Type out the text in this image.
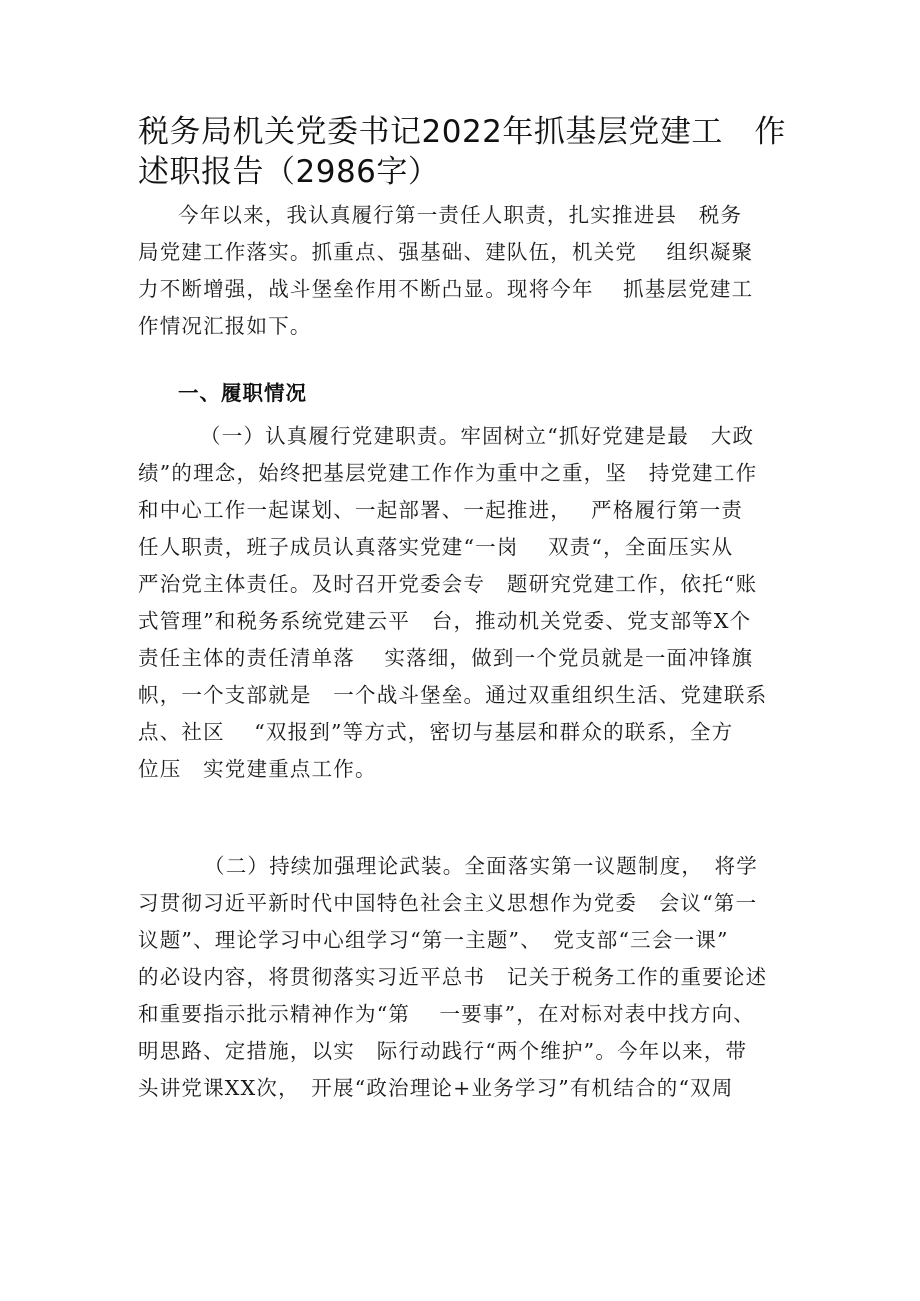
税务局机关党委书记2022年抓基层党建工　作
述职报告（2986字）
今年以来，我认真履行第一责任人职责，扎实推进县　税务
局党建工作落实。抓重点、强基础、建队伍，机关党　 组织凝聚
力不断增强，战斗堡垒作用不断凸显。现将今年　 抓基层党建工
作情况汇报如下。
一、履职情况
（一）认真履行党建职责。牢固树立“抓好党建是最　大政
绩”的理念，始终把基层党建工作作为重中之重，坚　持党建工作
和中心工作一起谋划、一起部署、一起推进，　 严格履行第一责
任人职责，班子成员认真落实党建“一岗　 双责“，全面压实从
严治党主体责任。及时召开党委会专　题研究党建工作，依托“账
式管理”和税务系统党建云平　台，推动机关党委、党支部等X个
责任主体的责任清单落　 实落细，做到一个党员就是一面冲锋旗
帜，一个支部就是　一个战斗堡垒。通过双重组织生活、党建联系
点、社区　 “双报到”等方式，密切与基层和群众的联系，全方
位压　实党建重点工作。
（二）持续加强理论武装。全面落实第一议题制度，　将学
习贯彻习近平新时代中国特色社会主义思想作为党委　会议“第一
议题”、理论学习中心组学习“第一主题”、　党支部“三会一课”
的必设内容，将贯彻落实习近平总书　记关于税务工作的重要论述
和重要指示批示精神作为“第　 一要事”，在对标对表中找方向、
明思路、定措施，以实　际行动践行“两个维护”。今年以来，带
头讲党课XX次，　开展“政治理论+业务学习”有机结合的“双周
